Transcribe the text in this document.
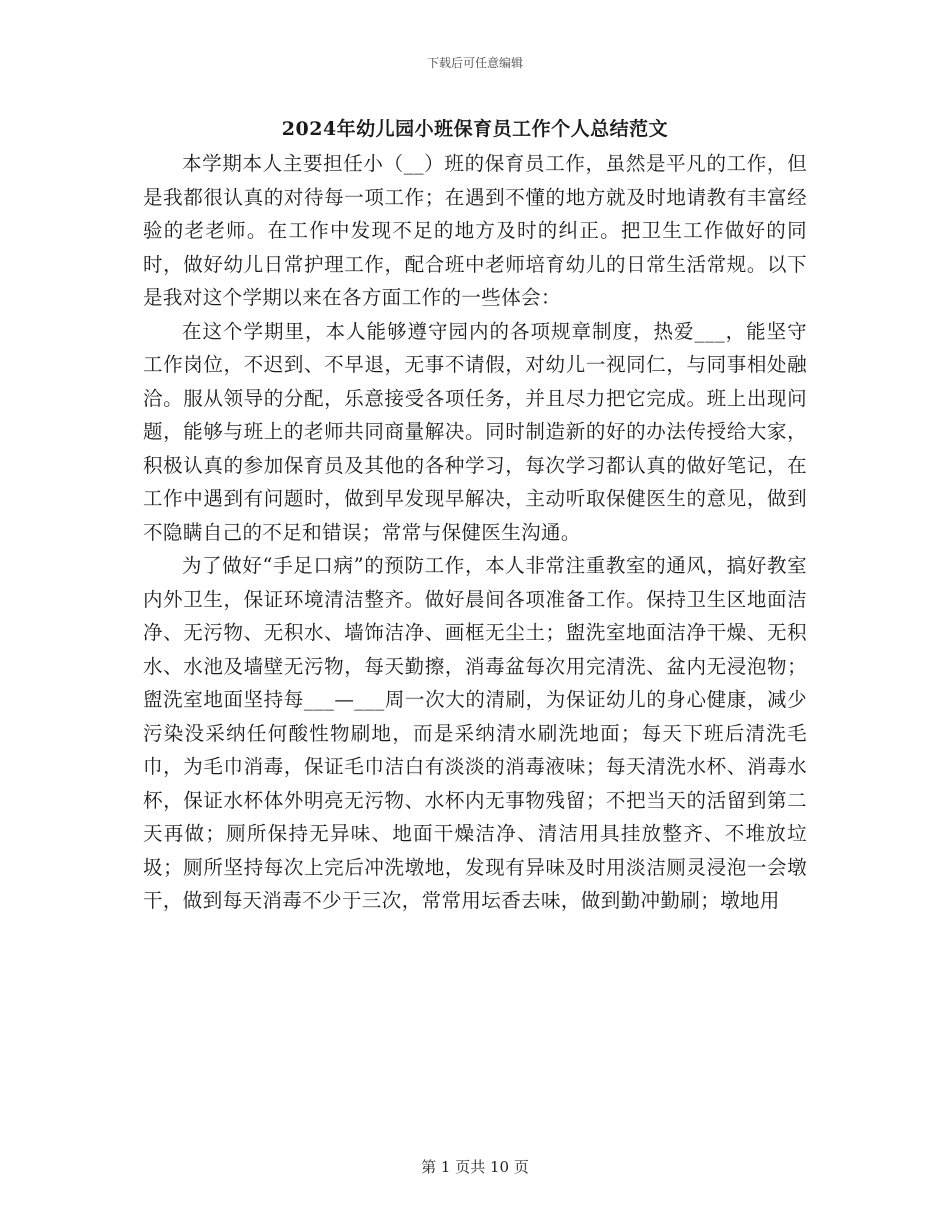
下载后可任意编辑
2024年幼儿园小班保育员工作个人总结范文

本学期本人主要担任小（__）班的保育员工作，虽然是平凡的工作，但是我都很认真的对待每一项工作；在遇到不懂的地方就及时地请教有丰富经验的老老师。在工作中发现不足的地方及时的纠正。把卫生工作做好的同时，做好幼儿日常护理工作，配合班中老师培育幼儿的日常生活常规。以下是我对这个学期以来在各方面工作的一些体会：

在这个学期里，本人能够遵守园内的各项规章制度，热爱___，能坚守工作岗位，不迟到、不早退，无事不请假，对幼儿一视同仁，与同事相处融洽。服从领导的分配，乐意接受各项任务，并且尽力把它完成。班上出现问题，能够与班上的老师共同商量解决。同时制造新的好的办法传授给大家，积极认真的参加保育员及其他的各种学习，每次学习都认真的做好笔记，在工作中遇到有问题时，做到早发现早解决，主动听取保健医生的意见，做到不隐瞒自己的不足和错误；常常与保健医生沟通。

为了做好“手足口病”的预防工作，本人非常注重教室的通风，搞好教室内外卫生，保证环境清洁整齐。做好晨间各项准备工作。保持卫生区地面洁净、无污物、无积水、墙饰洁净、画框无尘土；盥洗室地面洁净干燥、无积水、水池及墙壁无污物，每天勤擦，消毒盆每次用完清洗、盆内无浸泡物；盥洗室地面坚持每___—___周一次大的清刷，为保证幼儿的身心健康，减少污染没采纳任何酸性物刷地，而是采纳清水刷洗地面；每天下班后清洗毛巾，为毛巾消毒，保证毛巾洁白有淡淡的消毒液味；每天清洗水杯、消毒水杯，保证水杯体外明亮无污物、水杯内无事物残留；不把当天的活留到第二天再做；厕所保持无异味、地面干燥洁净、清洁用具挂放整齐、不堆放垃圾；厕所坚持每次上完后冲洗墩地，发现有异味及时用淡洁厕灵浸泡一会墩干，做到每天消毒不少于三次，常常用坛香去味，做到勤冲勤刷；墩地用

第 1 页共 10 页
